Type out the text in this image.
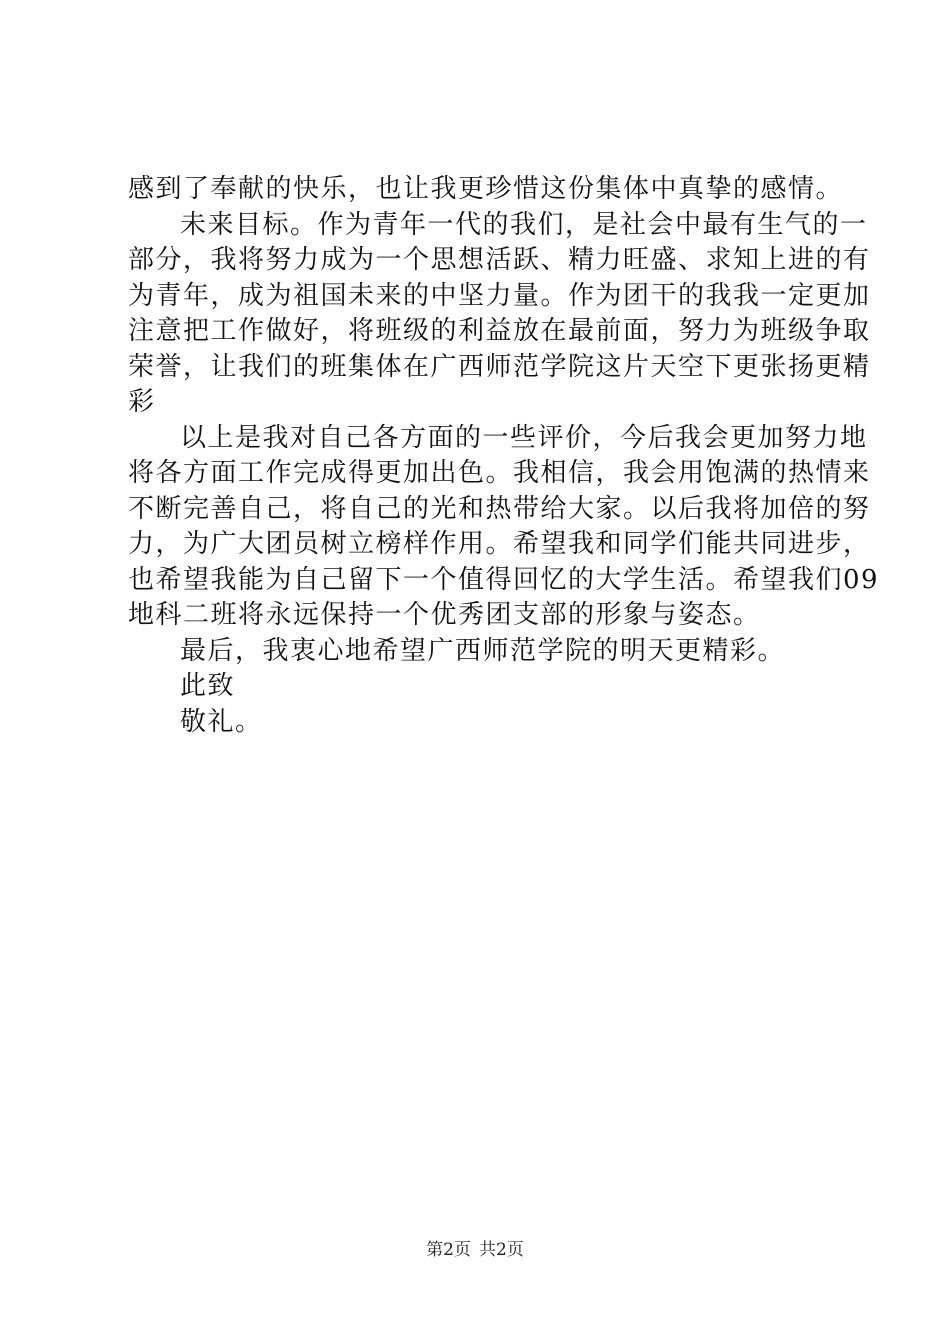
感到了奉献的快乐，也让我更珍惜这份集体中真挚的感情。
未来目标。作为青年一代的我们，是社会中最有生气的一
部分，我将努力成为一个思想活跃、精力旺盛、求知上进的有
为青年，成为祖国未来的中坚力量。作为团干的我我一定更加
注意把工作做好，将班级的利益放在最前面，努力为班级争取
荣誉，让我们的班集体在广西师范学院这片天空下更张扬更精
彩
以上是我对自己各方面的一些评价，今后我会更加努力地
将各方面工作完成得更加出色。我相信，我会用饱满的热情来
不断完善自己，将自己的光和热带给大家。以后我将加倍的努
力，为广大团员树立榜样作用。希望我和同学们能共同进步，
也希望我能为自己留下一个值得回忆的大学生活。希望我们09
地科二班将永远保持一个优秀团支部的形象与姿态。
最后，我衷心地希望广西师范学院的明天更精彩。
此致
敬礼。
第2页 共2页
